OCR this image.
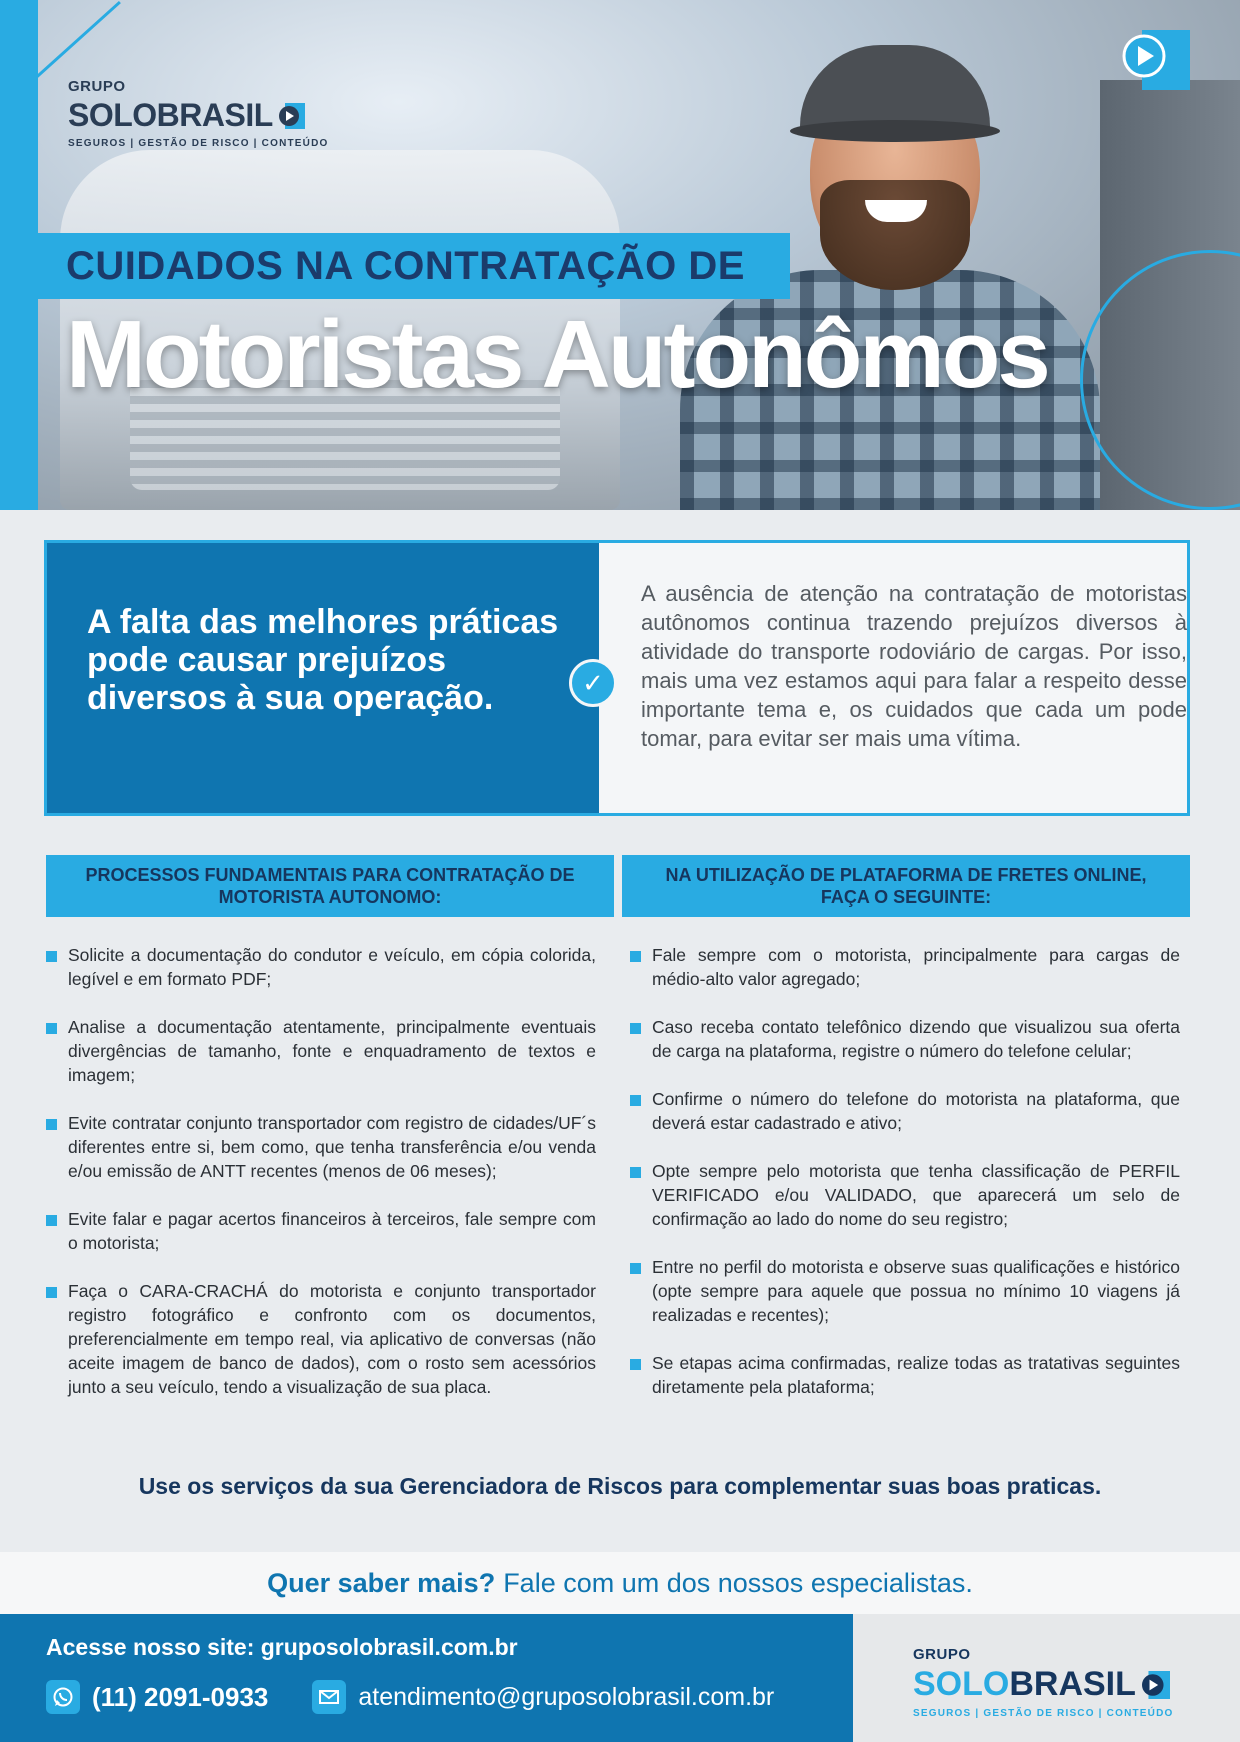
GRUPO
SOLOBRASIL
SEGUROS | GESTÃO DE RISCO | CONTEÚDO
CUIDADOS NA CONTRATAÇÃO DE
Motoristas Autonômos

A falta das melhores práticas pode causar prejuízos diversos à sua operação.	✓

A ausência de atenção na contratação de motoristas autônomos continua trazendo prejuízos diversos à atividade do transporte rodoviário de cargas. Por isso, mais uma vez estamos aqui para falar a respeito desse importante tema e, os cuidados que cada um pode tomar, para evitar ser mais uma vítima.

PROCESSOS FUNDAMENTAIS PARA CONTRATAÇÃO DE MOTORISTA AUTONOMO:
NA UTILIZAÇÃO DE PLATAFORMA DE FRETES ONLINE, FAÇA O SEGUINTE:
Solicite a documentação do condutor e veículo, em cópia colorida, legível e em formato PDF;
Analise a documentação atentamente, principalmente eventuais divergências de tamanho, fonte e enquadramento de textos e imagem;
Evite contratar conjunto transportador com registro de cidades/UF´s diferentes entre si, bem como, que tenha transferência e/ou venda e/ou emissão de ANTT recentes (menos de 06 meses);
Evite falar e pagar acertos financeiros à terceiros, fale sempre com o motorista;
Faça o CARA-CRACHÁ do motorista e conjunto transportador registro fotográfico e confronto com os documentos, preferencialmente em tempo real, via aplicativo de conversas (não aceite imagem de banco de dados), com o rosto sem acessórios junto a seu veículo, tendo a visualização de sua placa.
Fale sempre com o motorista, principalmente para cargas de médio-alto valor agregado;
Caso receba contato telefônico dizendo que visualizou sua oferta de carga na plataforma, registre o número do telefone celular;
Confirme o número do telefone do motorista na plataforma, que deverá estar cadastrado e ativo;
Opte sempre pelo motorista que tenha classificação de PERFIL VERIFICADO e/ou VALIDADO, que aparecerá um selo de confirmação ao lado do nome do seu registro;
Entre no perfil do motorista e observe suas qualificações e histórico (opte sempre para aquele que possua no mínimo 10 viagens já realizadas e recentes);
Se etapas acima confirmadas, realize todas as tratativas seguintes diretamente pela plataforma;
Use os serviços da sua Gerenciadora de Riscos para complementar suas boas praticas.
Quer saber mais? Fale com um dos nossos especialistas.
Acesse nosso site: gruposolobrasil.com.br
(11) 2091-0933	atendimento@gruposolobrasil.com.br
GRUPO
SOLOBRASIL
SEGUROS | GESTÃO DE RISCO | CONTEÚDO
